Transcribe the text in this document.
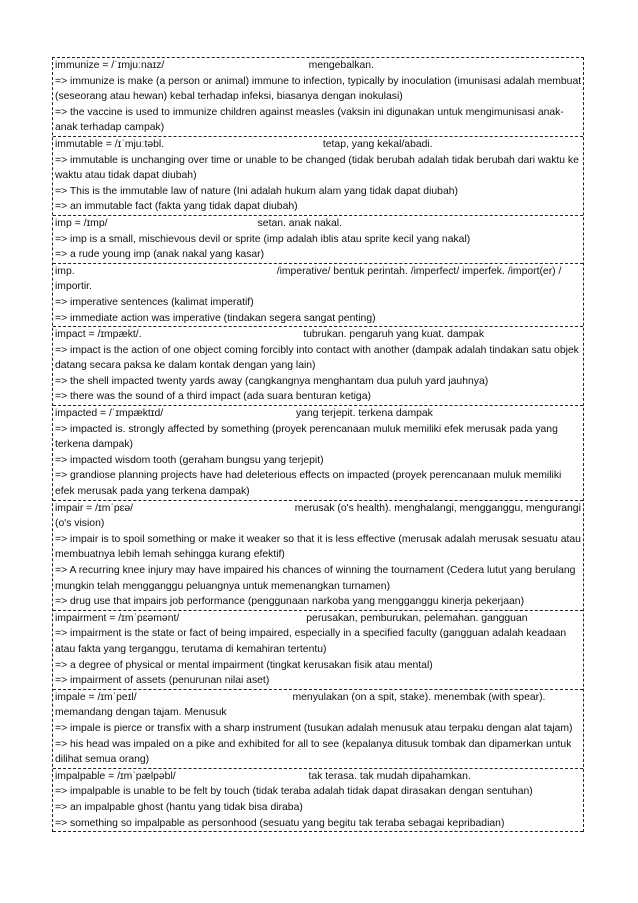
immunize = /ˈɪmjuːnaɪz/                                                  mengebalkan.
=> immunize is make (a person or animal) immune to infection, typically by inoculation (imunisasi adalah membuat (seseorang atau hewan) kebal terhadap infeksi, biasanya dengan inokulasi)
=> the vaccine is used to immunize children against measles (vaksin ini digunakan untuk mengimunisasi anak-anak terhadap campak)
immutable = /ɪˈmjuːtəbl.                                                       tetap, yang kekal/abadi.
=> immutable is unchanging over time or unable to be changed (tidak berubah adalah tidak berubah dari waktu ke waktu atau tidak dapat diubah)
=> This is the immutable law of nature (Ini adalah hukum alam yang tidak dapat diubah)
=> an immutable fact (fakta yang tidak dapat diubah)
imp = /ɪmp/                                                    setan. anak nakal.
=> imp is a small, mischievous devil or sprite (imp adalah iblis atau sprite kecil yang nakal)
=> a rude young imp (anak nakal yang kasar)
imp.                                                                      /imperative/ bentuk perintah. /imperfect/ imperfek. /import(er) / importir.
=> imperative sentences (kalimat imperatif)
=> immediate action was imperative (tindakan segera sangat penting)
impact = /ɪmpækt/.                                                        tubrukan. pengaruh yang kuat. dampak
=> impact is the action of one object coming forcibly into contact with another (dampak adalah tindakan satu objek datang secara paksa ke dalam kontak dengan yang lain)
=> the shell impacted twenty yards away (cangkangnya menghantam dua puluh yard jauhnya)
=> there was the sound of a third impact (ada suara benturan ketiga)
impacted = /ˈɪmpæktɪd/                                              yang terjepit. terkena dampak
=> impacted is. strongly affected by something (proyek perencanaan muluk memiliki efek merusak pada yang terkena dampak)
=> impacted wisdom tooth (geraham bungsu yang terjepit)
=> grandiose planning projects have had deleterious effects on impacted (proyek perencanaan muluk memiliki efek merusak pada yang terkena dampak)
impair = /ɪmˈpɛə/                                                        merusak (o's health). menghalangi, mengganggu, mengurangi (o's vision)
=> impair is to spoil something or make it weaker so that it is less effective (merusak adalah merusak sesuatu atau membuatnya lebih lemah sehingga kurang efektif)
=> A recurring knee injury may have impaired his chances of winning the tournament (Cedera lutut yang berulang mungkin telah mengganggu peluangnya untuk memenangkan turnamen)
=> drug use that impairs job performance (penggunaan narkoba yang mengganggu kinerja pekerjaan)
impairment = /ɪmˈpɛəmənt/                                            perusakan, pemburukan, pelemahan. gangguan
=> impairment is the state or fact of being impaired, especially in a specified faculty (gangguan adalah keadaan atau fakta yang terganggu, terutama di kemahiran tertentu)
=> a degree of physical or mental impairment (tingkat kerusakan fisik atau mental)
=> impairment of assets (penurunan nilai aset)
impale = /ɪmˈpeɪl/                                                      menyulakan (on a spit, stake). menembak (with spear). memandang dengan tajam. Menusuk
=> impale is pierce or transfix with a sharp instrument (tusukan adalah menusuk atau terpaku dengan alat tajam)
=> his head was impaled on a pike and exhibited for all to see (kepalanya ditusuk tombak dan dipamerkan untuk dilihat semua orang)
impalpable = /ɪmˈpælpəbl/                                              tak terasa. tak mudah dipahamkan.
=> impalpable is unable to be felt by touch (tidak teraba adalah tidak dapat dirasakan dengan sentuhan)
=> an impalpable ghost (hantu yang tidak bisa diraba)
=> something so impalpable as personhood (sesuatu yang begitu tak teraba sebagai kepribadian)
